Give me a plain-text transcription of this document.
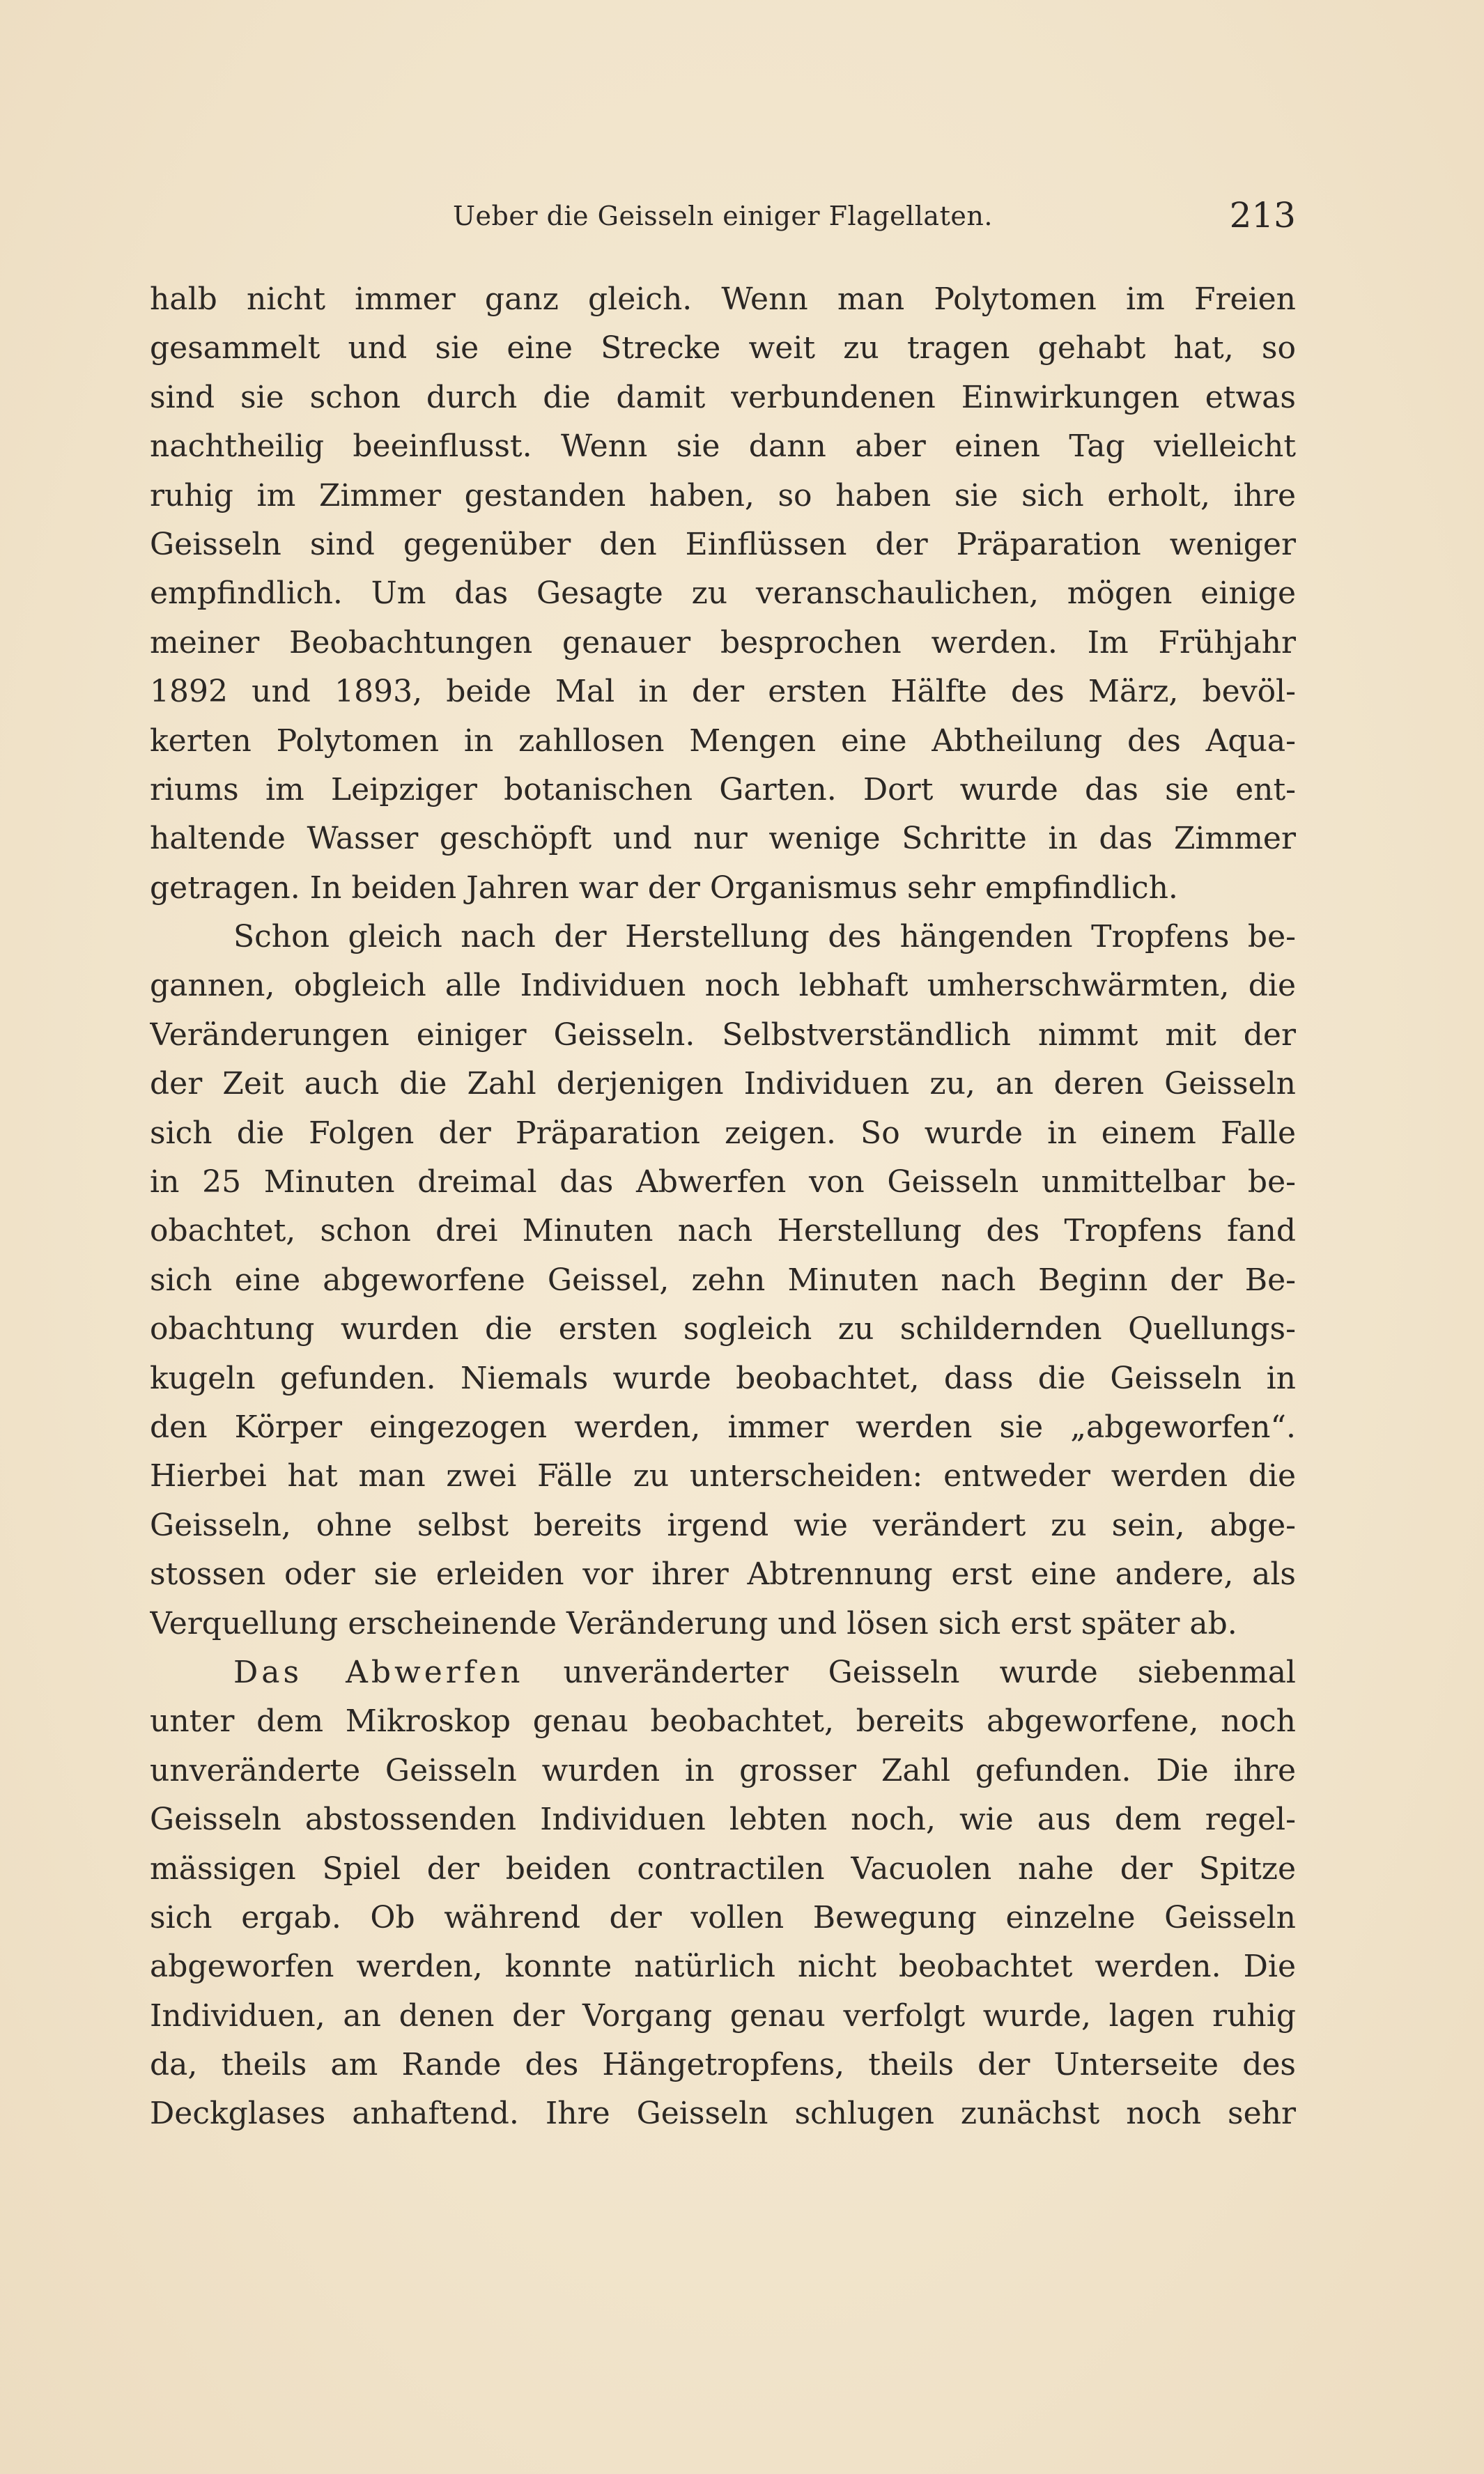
Ueber die Geisseln einiger Flagellaten.	213
halb nicht immer ganz gleich. Wenn man Polytomen im Freien
gesammelt und sie eine Strecke weit zu tragen gehabt hat, so
sind sie schon durch die damit verbundenen Einwirkungen etwas
nachtheilig beeinflusst. Wenn sie dann aber einen Tag vielleicht
ruhig im Zimmer gestanden haben, so haben sie sich erholt, ihre
Geisseln sind gegenüber den Einflüssen der Präparation weniger
empfindlich. Um das Gesagte zu veranschaulichen, mögen einige
meiner Beobachtungen genauer besprochen werden. Im Frühjahr
1892 und 1893, beide Mal in der ersten Hälfte des März, bevöl-
kerten Polytomen in zahllosen Mengen eine Abtheilung des Aqua-
riums im Leipziger botanischen Garten. Dort wurde das sie ent-
haltende Wasser geschöpft und nur wenige Schritte in das Zimmer
getragen. In beiden Jahren war der Organismus sehr empfindlich.
Schon gleich nach der Herstellung des hängenden Tropfens be-
gannen, obgleich alle Individuen noch lebhaft umherschwärmten, die
Veränderungen einiger Geisseln. Selbstverständlich nimmt mit der
der Zeit auch die Zahl derjenigen Individuen zu, an deren Geisseln
sich die Folgen der Präparation zeigen. So wurde in einem Falle
in 25 Minuten dreimal das Abwerfen von Geisseln unmittelbar be-
obachtet, schon drei Minuten nach Herstellung des Tropfens fand
sich eine abgeworfene Geissel, zehn Minuten nach Beginn der Be-
obachtung wurden die ersten sogleich zu schildernden Quellungs-
kugeln gefunden. Niemals wurde beobachtet, dass die Geisseln in
den Körper eingezogen werden, immer werden sie „abgeworfen“.
Hierbei hat man zwei Fälle zu unterscheiden: entweder werden die
Geisseln, ohne selbst bereits irgend wie verändert zu sein, abge-
stossen oder sie erleiden vor ihrer Abtrennung erst eine andere, als
Verquellung erscheinende Veränderung und lösen sich erst später ab.
Das Abwerfen unveränderter Geisseln wurde siebenmal
unter dem Mikroskop genau beobachtet, bereits abgeworfene, noch
unveränderte Geisseln wurden in grosser Zahl gefunden. Die ihre
Geisseln abstossenden Individuen lebten noch, wie aus dem regel-
mässigen Spiel der beiden contractilen Vacuolen nahe der Spitze
sich ergab. Ob während der vollen Bewegung einzelne Geisseln
abgeworfen werden, konnte natürlich nicht beobachtet werden. Die
Individuen, an denen der Vorgang genau verfolgt wurde, lagen ruhig
da, theils am Rande des Hängetropfens, theils der Unterseite des
Deckglases anhaftend. Ihre Geisseln schlugen zunächst noch sehr
